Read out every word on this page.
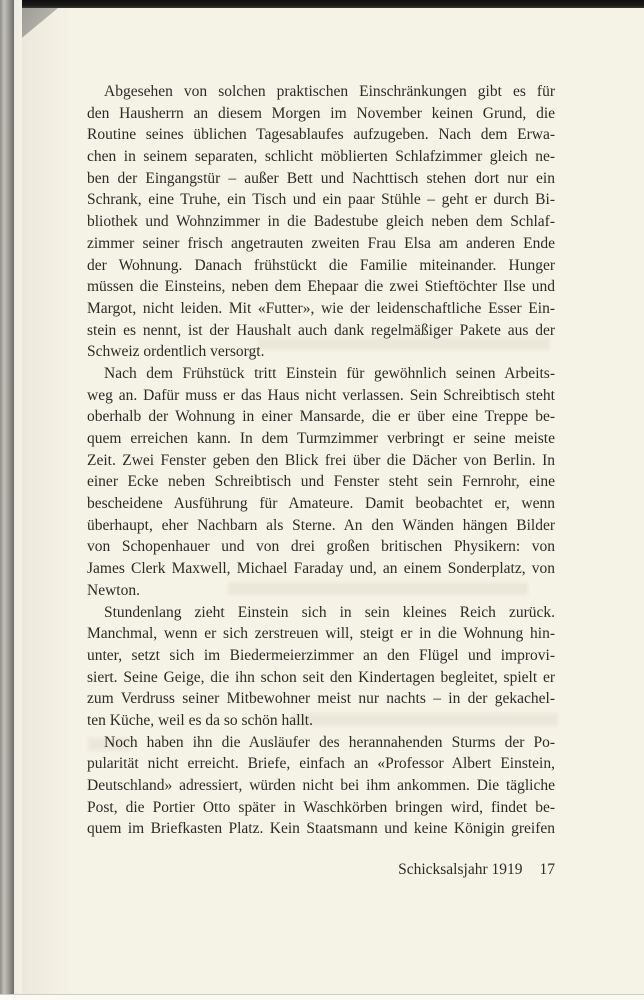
Abgesehen von solchen praktischen Einschränkungen gibt es für
den Hausherrn an diesem Morgen im November keinen Grund, die
Routine seines üblichen Tagesablaufes aufzugeben. Nach dem Erwa-
chen in seinem separaten, schlicht möblierten Schlafzimmer gleich ne-
ben der Eingangstür – außer Bett und Nachttisch stehen dort nur ein
Schrank, eine Truhe, ein Tisch und ein paar Stühle – geht er durch Bi-
bliothek und Wohnzimmer in die Badestube gleich neben dem Schlaf-
zimmer seiner frisch angetrauten zweiten Frau Elsa am anderen Ende
der Wohnung. Danach frühstückt die Familie miteinander. Hunger
müssen die Einsteins, neben dem Ehepaar die zwei Stieftöchter Ilse und
Margot, nicht leiden. Mit «Futter», wie der leidenschaftliche Esser Ein-
stein es nennt, ist der Haushalt auch dank regelmäßiger Pakete aus der
Schweiz ordentlich versorgt.
Nach dem Frühstück tritt Einstein für gewöhnlich seinen Arbeits-
weg an. Dafür muss er das Haus nicht verlassen. Sein Schreibtisch steht
oberhalb der Wohnung in einer Mansarde, die er über eine Treppe be-
quem erreichen kann. In dem Turmzimmer verbringt er seine meiste
Zeit. Zwei Fenster geben den Blick frei über die Dächer von Berlin. In
einer Ecke neben Schreibtisch und Fenster steht sein Fernrohr, eine
bescheidene Ausführung für Amateure. Damit beobachtet er, wenn
überhaupt, eher Nachbarn als Sterne. An den Wänden hängen Bilder
von Schopenhauer und von drei großen britischen Physikern: von
James Clerk Maxwell, Michael Faraday und, an einem Sonderplatz, von
Newton.
Stundenlang zieht Einstein sich in sein kleines Reich zurück.
Manchmal, wenn er sich zerstreuen will, steigt er in die Wohnung hin-
unter, setzt sich im Biedermeierzimmer an den Flügel und improvi-
siert. Seine Geige, die ihn schon seit den Kindertagen begleitet, spielt er
zum Verdruss seiner Mitbewohner meist nur nachts – in der gekachel-
ten Küche, weil es da so schön hallt.
Noch haben ihn die Ausläufer des herannahenden Sturms der Po-
pularität nicht erreicht. Briefe, einfach an «Professor Albert Einstein,
Deutschland» adressiert, würden nicht bei ihm ankommen. Die tägliche
Post, die Portier Otto später in Waschkörben bringen wird, findet be-
quem im Briefkasten Platz. Kein Staatsmann und keine Königin greifen
Schicksalsjahr 1919 17
